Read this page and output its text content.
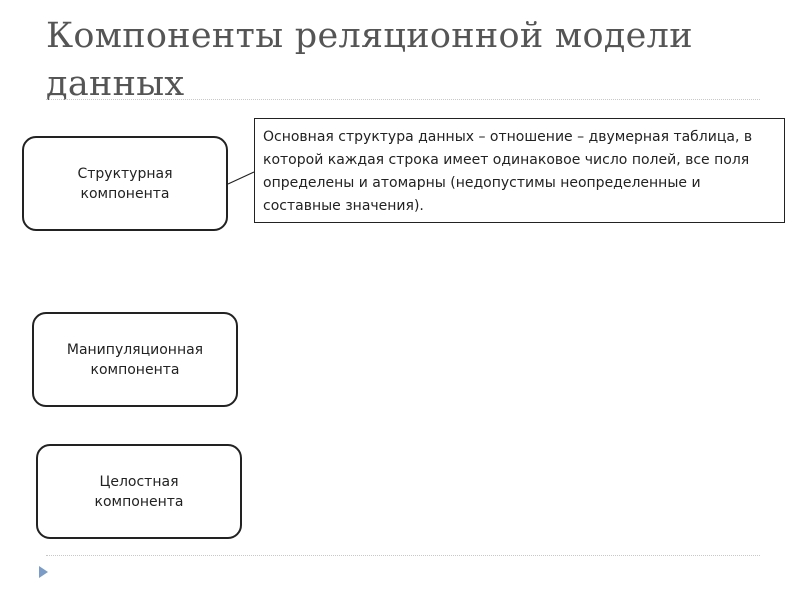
Компоненты реляционной модели
данных
Структурная
компонента
Основная структура данных – отношение – двумерная таблица, в которой каждая строка имеет одинаковое число полей, все поля определены и атомарны (недопустимы неопределенные и составные значения).
Манипуляционная
компонента
Целостная
компонента
